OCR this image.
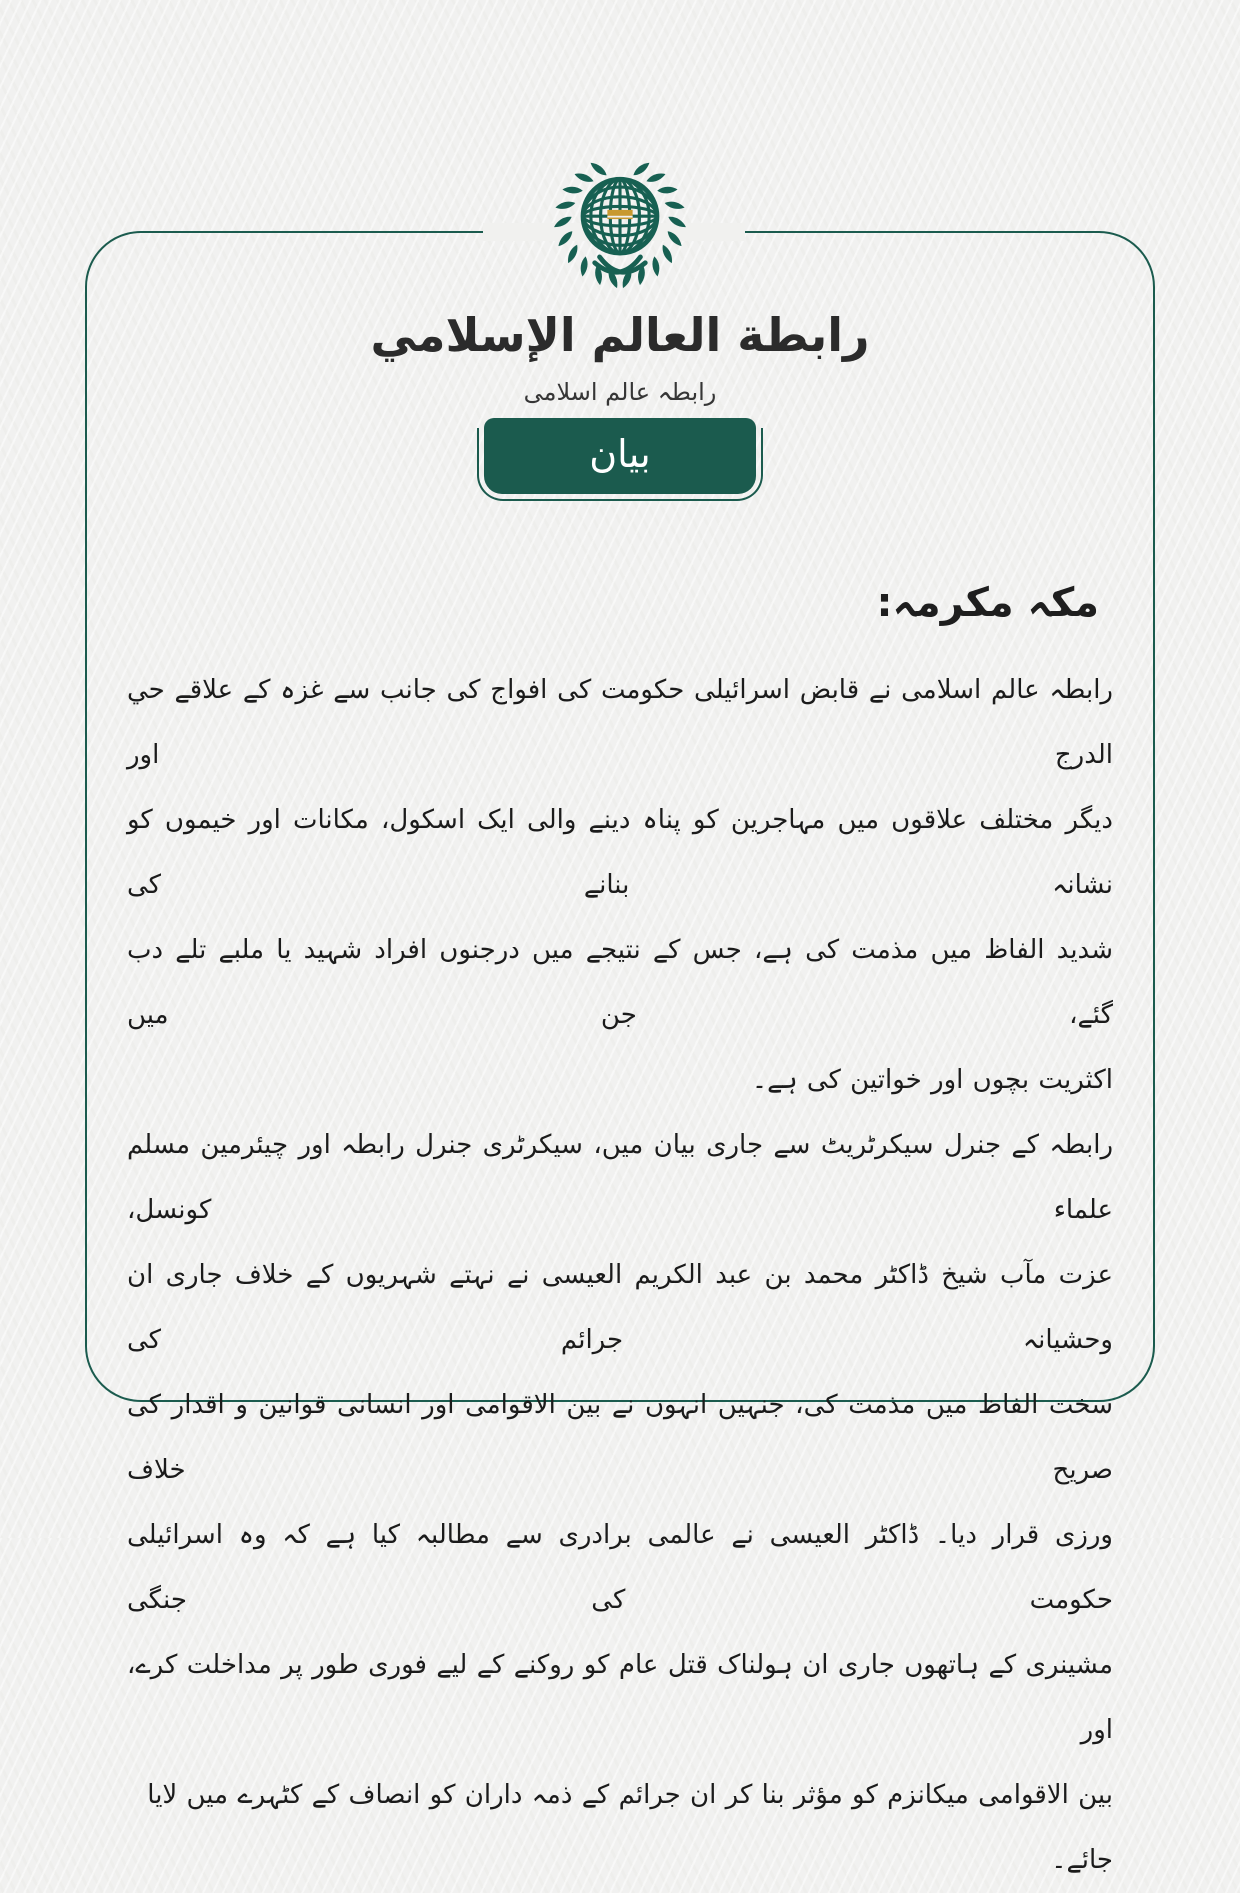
رابطة العالم الإسلامي
رابطہ عالم اسلامی
بیان
مکہ مکرمہ:

رابطہ عالم اسلامی نے قابض اسرائیلی حکومت کی افواج کی جانب سے غزہ کے علاقے حي الدرج اور

دیگر مختلف علاقوں میں مہاجرین کو پناہ دینے والی ایک اسکول، مکانات اور خیموں کو نشانہ بنانے کی

شدید الفاظ میں مذمت کی ہے، جس کے نتیجے میں درجنوں افراد شہید یا ملبے تلے دب گئے، جن میں

اکثریت بچوں اور خواتین کی ہے۔

رابطہ کے جنرل سیکرٹریٹ سے جاری بیان میں، سیکرٹری جنرل رابطہ اور چیئرمین مسلم علماء کونسل،

عزت مآب شیخ ڈاکٹر محمد بن عبد الکریم العیسی نے نہتے شہریوں کے خلاف جاری ان وحشیانہ جرائم کی

سخت الفاظ میں مذمت کی، جنہیں انہوں نے بین الاقوامی اور انسانی قوانین و اقدار کی صریح خلاف

ورزی قرار دیا۔ ڈاکٹر العیسی نے عالمی برادری سے مطالبہ کیا ہے کہ وہ اسرائیلی حکومت کی جنگی

مشینری کے ہاتھوں جاری ان ہولناک قتل عام کو روکنے کے لیے فوری طور پر مداخلت کرے، اور

بین الاقوامی میکانزم کو مؤثر بنا کر ان جرائم کے ذمہ داران کو انصاف کے کٹہرے میں لایا جائے۔
